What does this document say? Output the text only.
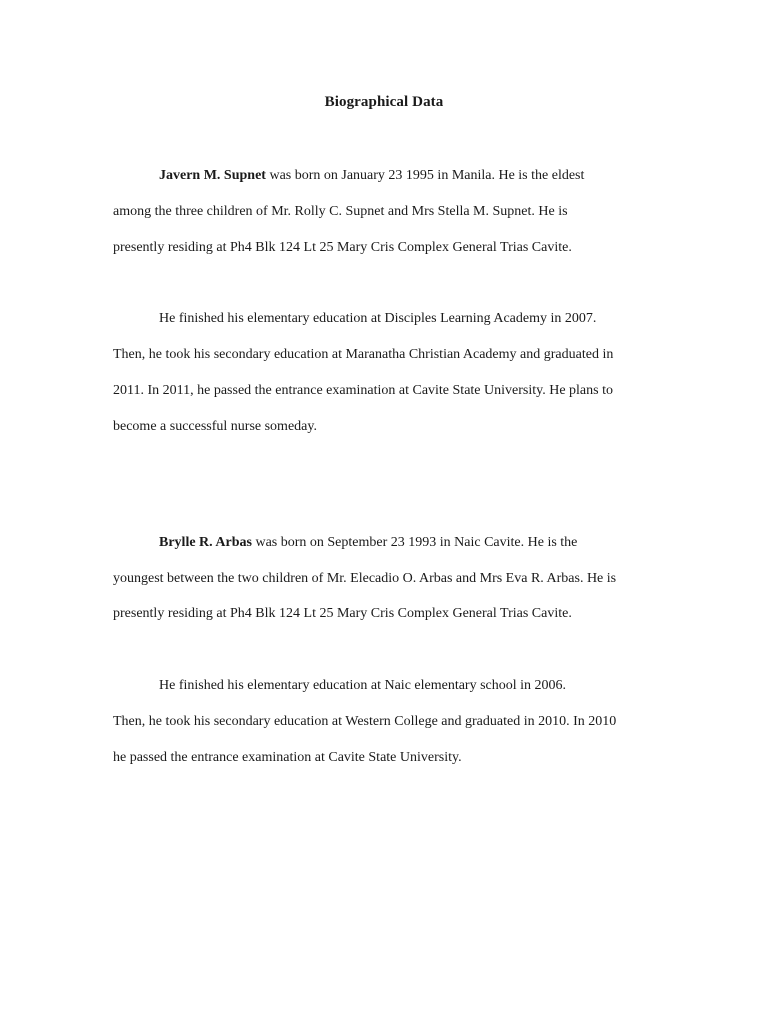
Biographical Data
Javern M. Supnet was born on January 23 1995 in Manila. He is the eldest
among the three children of Mr. Rolly C. Supnet and Mrs Stella M. Supnet. He is
presently residing at Ph4 Blk 124 Lt 25 Mary Cris Complex General Trias Cavite.
He finished his elementary education at Disciples Learning Academy in 2007.
Then, he took his secondary education at Maranatha Christian Academy and graduated in
2011. In 2011, he passed the entrance examination at Cavite State University. He plans to
become a successful nurse someday.
Brylle R. Arbas was born on September 23 1993 in Naic Cavite. He is the
youngest between the two children of Mr. Elecadio O. Arbas and Mrs Eva R. Arbas. He is
presently residing at Ph4 Blk 124 Lt 25 Mary Cris Complex General Trias Cavite.
He finished his elementary education at Naic elementary school in 2006.
Then, he took his secondary education at Western College and graduated in 2010. In 2010
he passed the entrance examination at Cavite State University.
